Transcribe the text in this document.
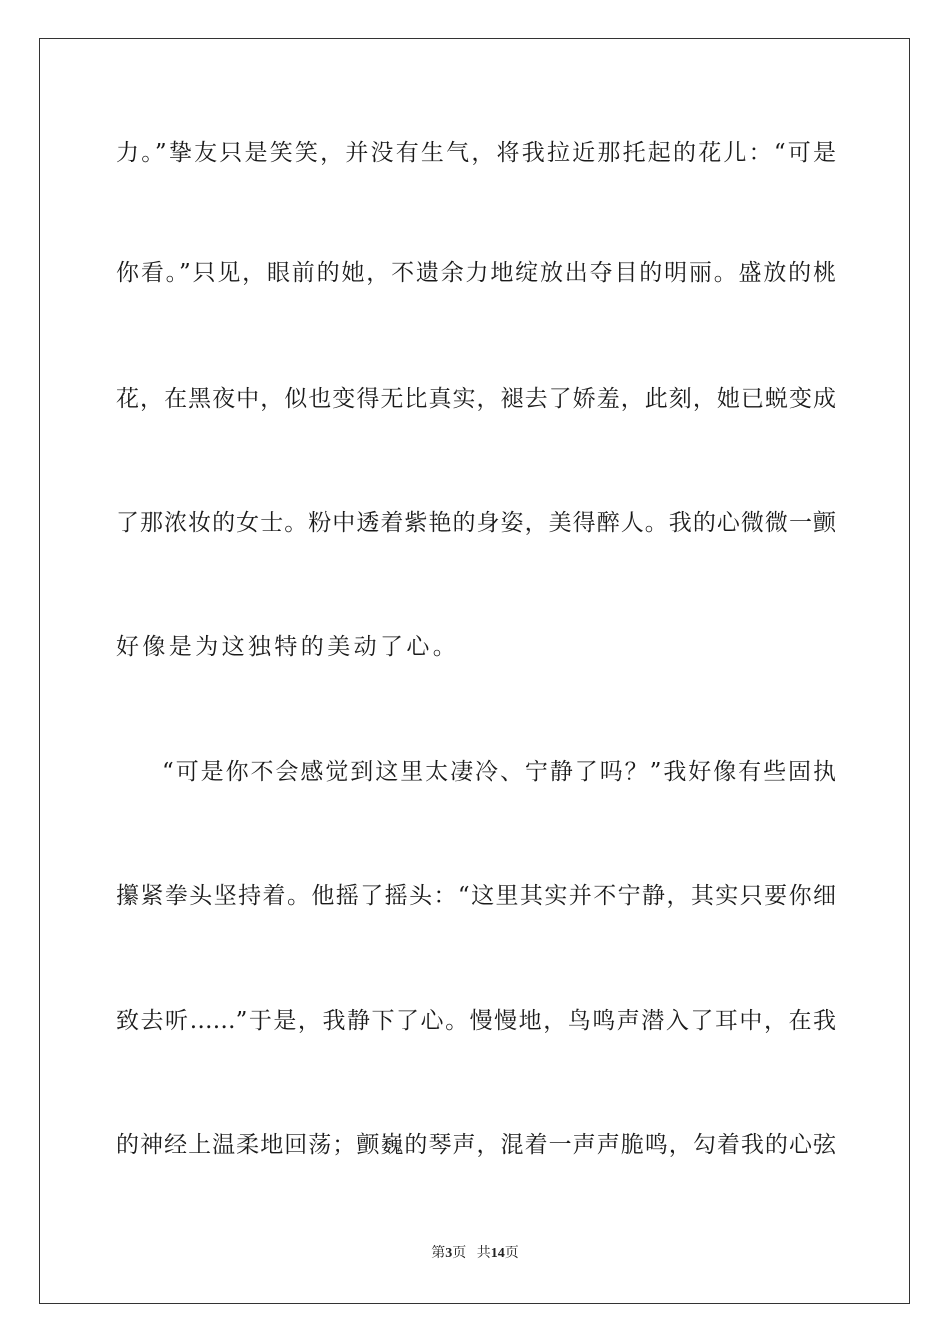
力。”挚友只是笑笑，并没有生气，将我拉近那托起的花儿：“可是
你看。”只见，眼前的她，不遗余力地绽放出夺目的明丽。盛放的桃
花，在黑夜中，似也变得无比真实，褪去了娇羞，此刻，她已蜕变成
了那浓妆的女士。粉中透着紫艳的身姿，美得醉人。我的心微微一颤
好像是为这独特的美动了心。
“可是你不会感觉到这里太凄冷、宁静了吗？”我好像有些固执
攥紧拳头坚持着。他摇了摇头：“这里其实并不宁静，其实只要你细
致去听……”于是，我静下了心。慢慢地，鸟鸣声潜入了耳中，在我
的神经上温柔地回荡；颤巍的琴声，混着一声声脆鸣，勾着我的心弦
第3页 共14页
